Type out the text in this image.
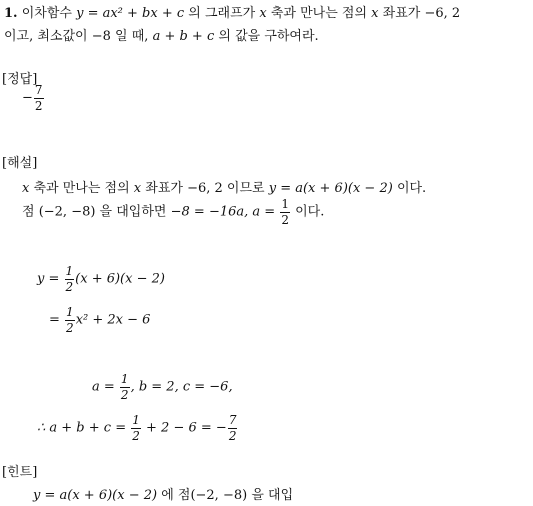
1. 이차함수 y = ax² + bx + c 의 그래프가 x 축과 만나는 점의 x 좌표가 −6, 2
이고, 최소값이 −8 일 때, a + b + c 의 값을 구하여라.
[정답]
− $\frac{7}{2}$
[해설]
x 축과 만나는 점의 x 좌표가 −6, 2 이므로 y = a(x + 6)(x − 2) 이다.
점 (−2, −8) 을 대입하면 −8 = −16a, $a = \frac{1}{2}$ 이다.
$y = \frac{1}{2} (x + 6)(x - 2)$
= $\frac{1}{2} x^2 + 2x - 6$
$a = \frac{1}{2}$ , b = 2, c = −6,
∴ $a + b + c = \frac{1}{2} + 2 - 6$ = − $\frac{7}{2}$
[힌트]
y = a(x + 6)(x − 2) 에 점(−2, −8) 을 대입
